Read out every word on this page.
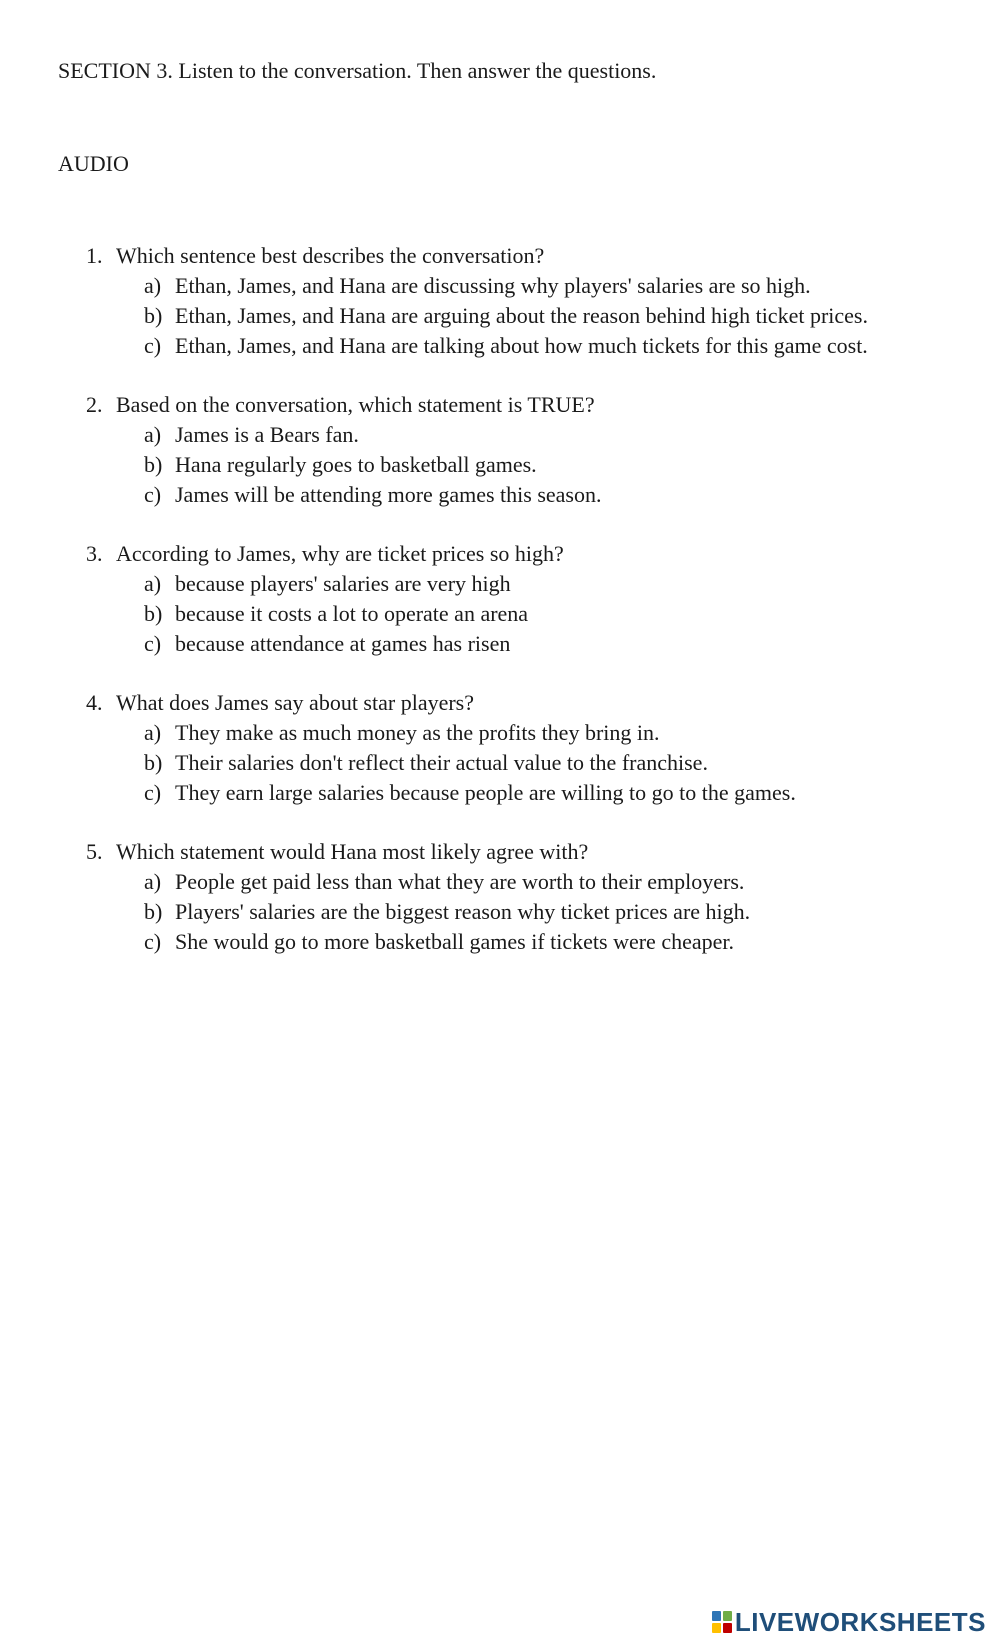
SECTION 3. Listen to the conversation. Then answer the questions.
AUDIO
1. Which sentence best describes the conversation?
a) Ethan, James, and Hana are discussing why players' salaries are so high.
b) Ethan, James, and Hana are arguing about the reason behind high ticket prices.
c) Ethan, James, and Hana are talking about how much tickets for this game cost.
2. Based on the conversation, which statement is TRUE?
a) James is a Bears fan.
b) Hana regularly goes to basketball games.
c) James will be attending more games this season.
3. According to James, why are ticket prices so high?
a) because players' salaries are very high
b) because it costs a lot to operate an arena
c) because attendance at games has risen
4. What does James say about star players?
a) They make as much money as the profits they bring in.
b) Their salaries don't reflect their actual value to the franchise.
c) They earn large salaries because people are willing to go to the games.
5. Which statement would Hana most likely agree with?
a) People get paid less than what they are worth to their employers.
b) Players' salaries are the biggest reason why ticket prices are high.
c) She would go to more basketball games if tickets were cheaper.
LIVEWORKSHEETS
